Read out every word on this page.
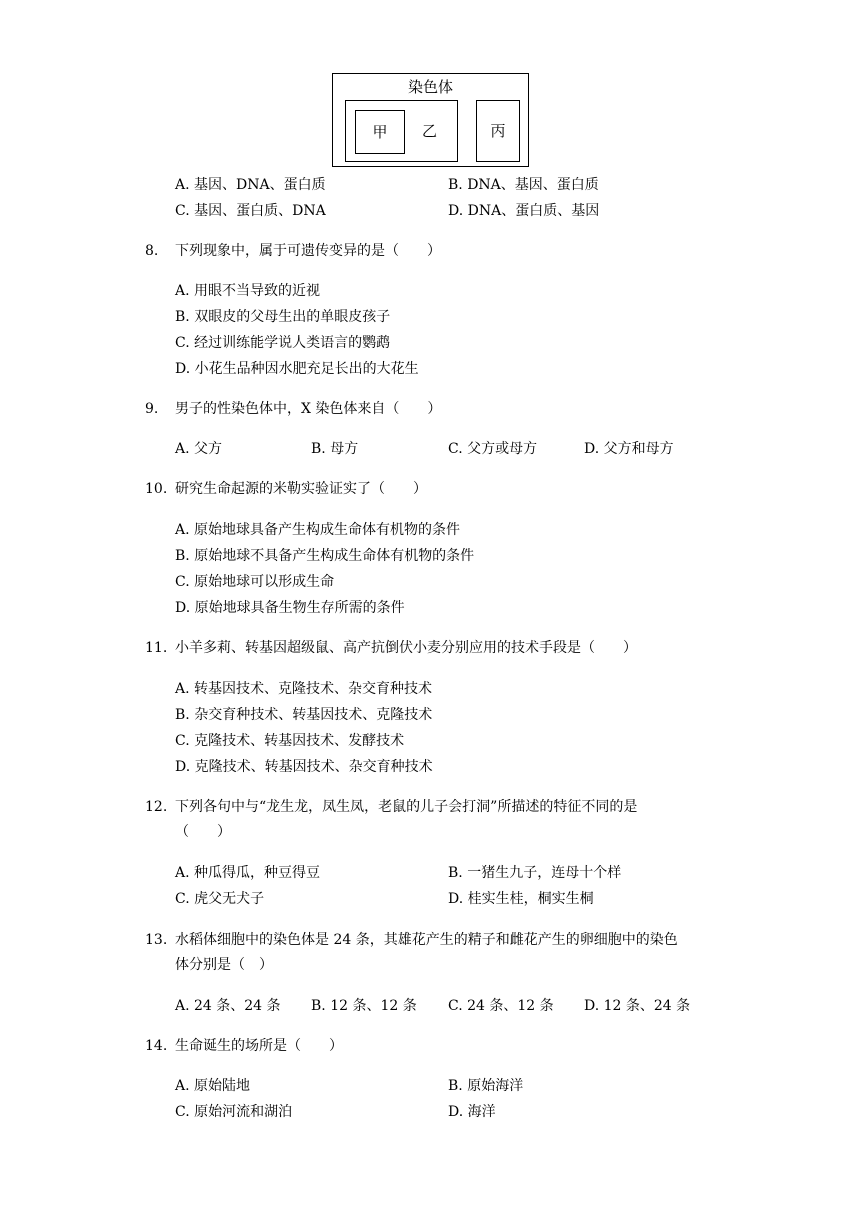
染色体
甲	乙	丙
A. 基因、DNA、蛋白质	B. DNA、基因、蛋白质
C. 基因、蛋白质、DNA	D. DNA、蛋白质、基因
8. 下列现象中，属于可遗传变异的是（　　）
A. 用眼不当导致的近视
B. 双眼皮的父母生出的单眼皮孩子
C. 经过训练能学说人类语言的鹦鹉
D. 小花生品种因水肥充足长出的大花生
9. 男子的性染色体中，X 染色体来自（　　）
A. 父方	B. 母方	C. 父方或母方	D. 父方和母方
10. 研究生命起源的米勒实验证实了（　　）
A. 原始地球具备产生构成生命体有机物的条件
B. 原始地球不具备产生构成生命体有机物的条件
C. 原始地球可以形成生命
D. 原始地球具备生物生存所需的条件
11. 小羊多莉、转基因超级鼠、高产抗倒伏小麦分别应用的技术手段是（　　）
A. 转基因技术、克隆技术、杂交育种技术
B. 杂交育种技术、转基因技术、克隆技术
C. 克隆技术、转基因技术、发酵技术
D. 克隆技术、转基因技术、杂交育种技术
12. 下列各句中与“龙生龙，凤生凤，老鼠的儿子会打洞”所描述的特征不同的是
（　　）
A. 种瓜得瓜，种豆得豆	B. 一猪生九子，连母十个样
C. 虎父无犬子	D. 桂实生桂，桐实生桐
13. 水稻体细胞中的染色体是 24 条，其雄花产生的精子和雌花产生的卵细胞中的染色
体分别是（　）
A. 24 条、24 条 B. 12 条、12 条 C. 24 条、12 条 D. 12 条、24 条
14. 生命诞生的场所是（　　）
A. 原始陆地	B. 原始海洋
C. 原始河流和湖泊	D. 海洋
